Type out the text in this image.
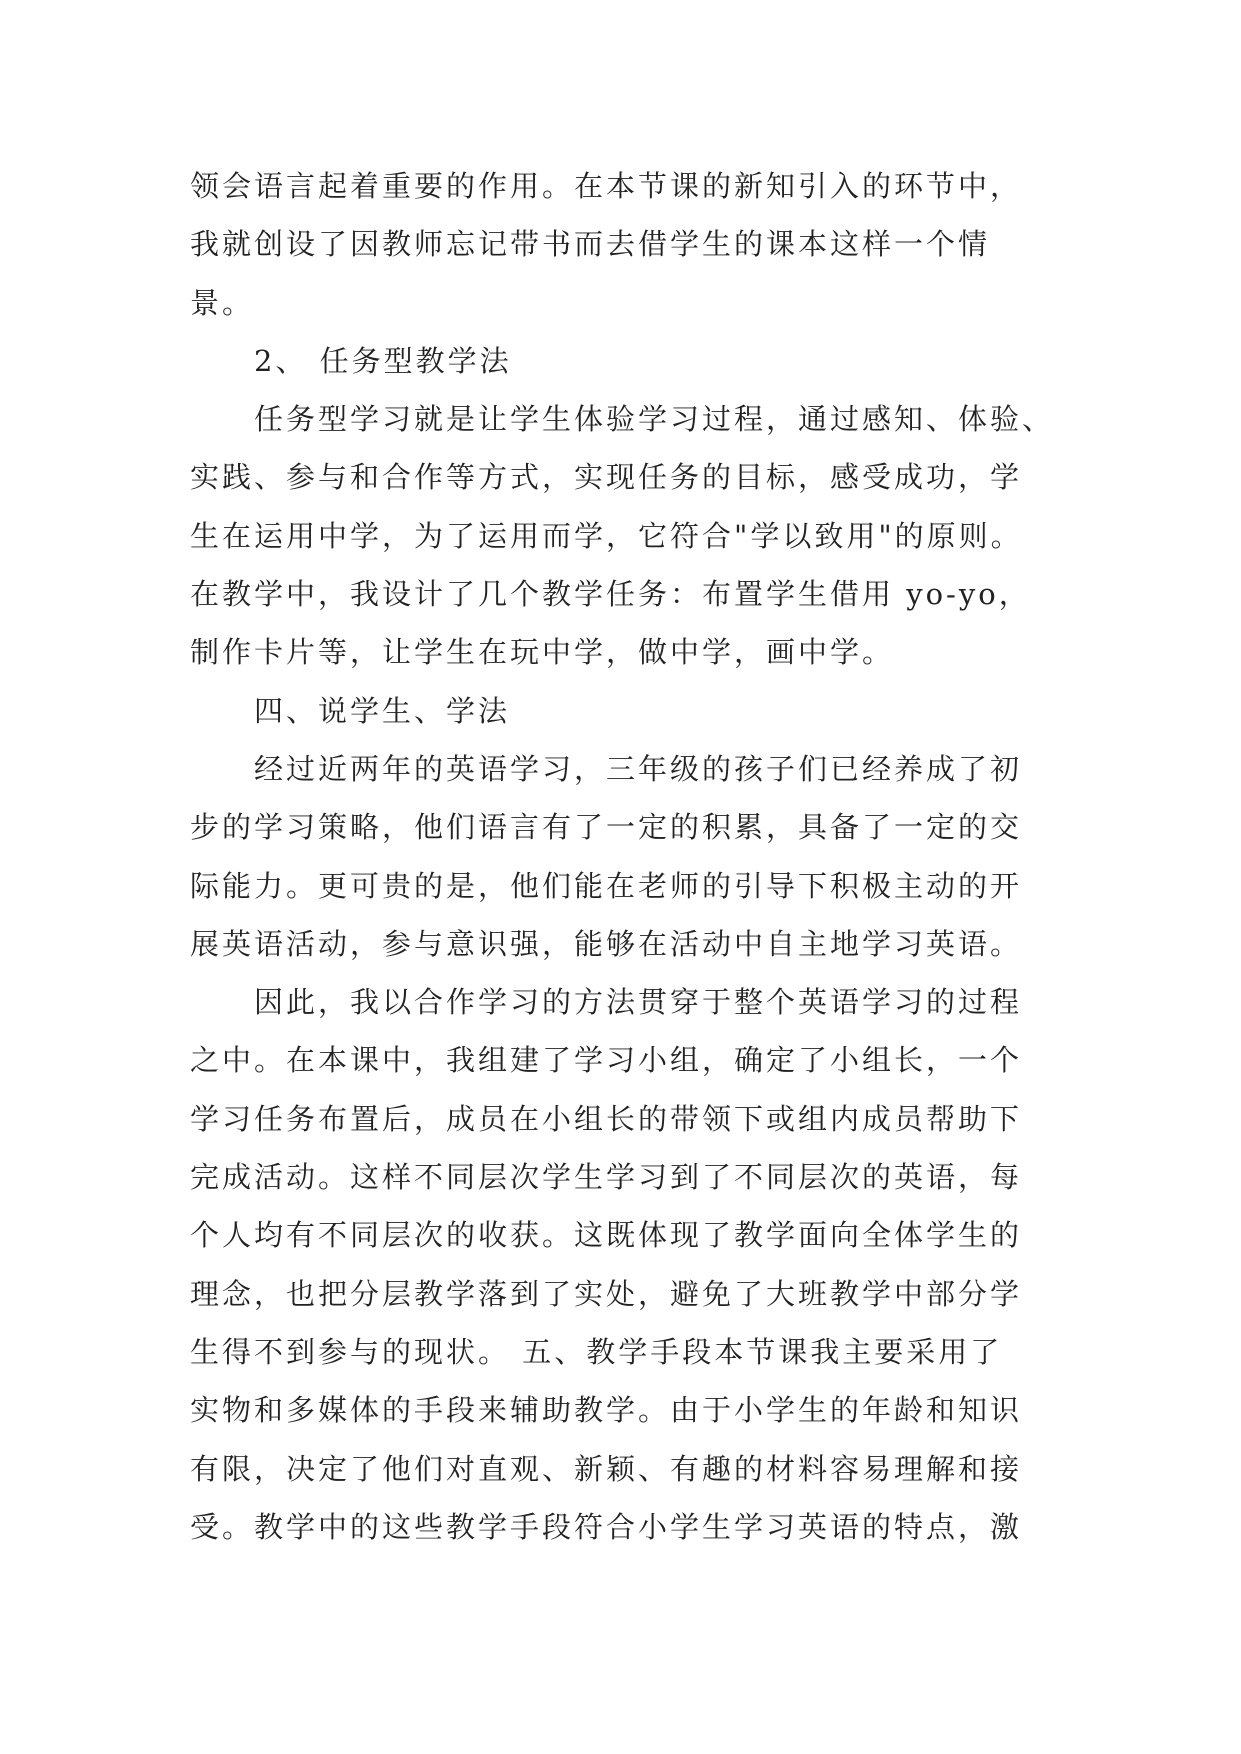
领会语言起着重要的作用。在本节课的新知引入的环节中，
我就创设了因教师忘记带书而去借学生的课本这样一个情
景。
2、 任务型教学法
任务型学习就是让学生体验学习过程，通过感知、体验、
实践、参与和合作等方式，实现任务的目标，感受成功，学
生在运用中学，为了运用而学，它符合"学以致用"的原则。
在教学中，我设计了几个教学任务：布置学生借用 yo-yo，
制作卡片等，让学生在玩中学，做中学，画中学。
四、说学生、学法
经过近两年的英语学习，三年级的孩子们已经养成了初
步的学习策略，他们语言有了一定的积累，具备了一定的交
际能力。更可贵的是，他们能在老师的引导下积极主动的开
展英语活动，参与意识强，能够在活动中自主地学习英语。
因此，我以合作学习的方法贯穿于整个英语学习的过程
之中。在本课中，我组建了学习小组，确定了小组长，一个
学习任务布置后，成员在小组长的带领下或组内成员帮助下
完成活动。这样不同层次学生学习到了不同层次的英语，每
个人均有不同层次的收获。这既体现了教学面向全体学生的
理念，也把分层教学落到了实处，避免了大班教学中部分学
生得不到参与的现状。 五、教学手段本节课我主要采用了
实物和多媒体的手段来辅助教学。由于小学生的年龄和知识
有限，决定了他们对直观、新颖、有趣的材料容易理解和接
受。教学中的这些教学手段符合小学生学习英语的特点，激
